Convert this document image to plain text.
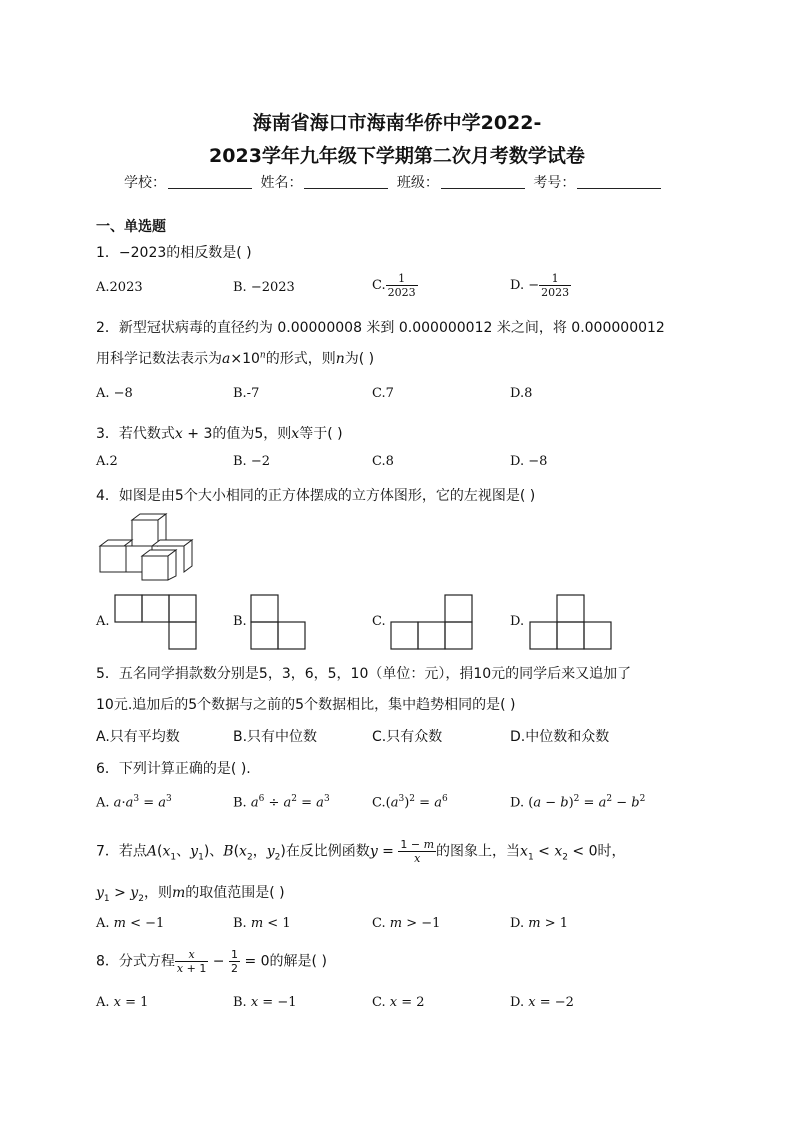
海南省海口市海南华侨中学2022-
2023学年九年级下学期第二次月考数学试卷
学校：	姓名：	班级：	考号：
一、单选题
1．−2023的相反数是( )
A.2023	B. −2023	C. $\frac{1}{2023}$	D. − $\frac{1}{2023}$
2．新型冠状病毒的直径约为 0.00000008 米到 0.000000012 米之间，将 0.000000012
用科学记数法表示为$a\times 10^n$的形式，则n为( )
A. −8	B.-7	C.7	D.8
3．若代数式x + 3的值为5，则x等于( )
A.2	B. −2	C.8	D. −8
4．如图是由5个大小相同的正方体摆成的立方体图形，它的左视图是( )
A.	B.	C.	D.
5．五名同学捐款数分别是5，3，6，5，10（单位：元），捐10元的同学后来又追加了
10元.追加后的5个数据与之前的5个数据相比，集中趋势相同的是( )
A.只有平均数	B.只有中位数	C.只有众数	D.中位数和众数
6．下列计算正确的是( ).
A. $a\cdot a^3 = a^3$	B. $a^6 \div a^2 = a^3$	$C.(a^3)^2 = a^6$	D. $(a - b)^2 = a^2 - b^2$
7．若点$A(x_1$、$y_1$)、$B(x_2$，$y_2$)在反比例函数$y = \frac{1 - m}{x}$ 的图象上，当$x_1 < x_2 < 0$时，
$y_1 > y_2$，则m的取值范围是( )
A. m < −1	B. m < 1	C. m > −1	D. m > 1
8．分式方程 $\frac{x}{x + 1} - \frac{1}{2} = 0$的解是( )
A. x = 1	B. x = −1	C. x = 2	D. x = −2
